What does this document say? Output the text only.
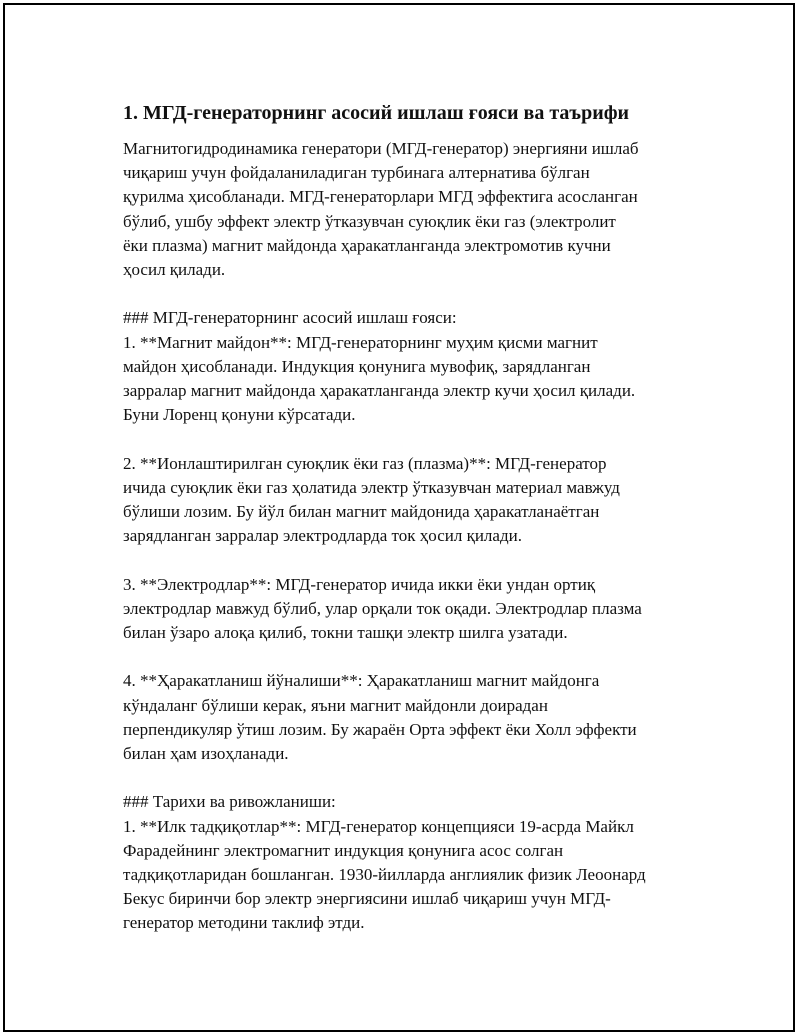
1. МГД-генераторнинг асосий ишлаш ғояси ва таърифи

Магнитогидродинамика генератори (МГД-генератор) энергияни ишлаб
чиқариш учун фойдаланиладиган турбинага алтернатива бўлган
қурилма ҳисобланади. МГД-генераторлари МГД эффектига асосланган
бўлиб, ушбу эффект электр ўтказувчан суюқлик ёки газ (электролит
ёки плазма) магнит майдонда ҳаракатланганда электромотив кучни
ҳосил қилади.

### МГД-генераторнинг асосий ишлаш ғояси:
1. **Магнит майдон**: МГД-генераторнинг муҳим қисми магнит
майдон ҳисобланади. Индукция қонунига мувофиқ, зарядланган
зарралар магнит майдонда ҳаракатланганда электр кучи ҳосил қилади.
Буни Лоренц қонуни кўрсатади.

2. **Ионлаштирилган суюқлик ёки газ (плазма)**: МГД-генератор
ичида суюқлик ёки газ ҳолатида электр ўтказувчан материал мавжуд
бўлиши лозим. Бу йўл билан магнит майдонида ҳаракатланаётган
зарядланган зарралар электродларда ток ҳосил қилади.

3. **Электродлар**: МГД-генератор ичида икки ёки ундан ортиқ
электродлар мавжуд бўлиб, улар орқали ток оқади. Электродлар плазма
билан ўзаро алоқа қилиб, токни ташқи электр шилга узатади.

4. **Ҳаракатланиш йўналиши**: Ҳаракатланиш магнит майдонга
кўндаланг бўлиши керак, яъни магнит майдонли доирадан
перпендикуляр ўтиш лозим. Бу жараён Орта эффект ёки Холл эффекти
билан ҳам изоҳланади.

### Тарихи ва ривожланиши:
1. **Илк тадқиқотлар**: МГД-генератор концепцияси 19-асрда Майкл
Фарадейнинг электромагнит индукция қонунига асос солган
тадқиқотларидан бошланган. 1930-йилларда англиялик физик Леоонард
Бекус биринчи бор электр энергиясини ишлаб чиқариш учун МГД-
генератор методини таклиф этди.
